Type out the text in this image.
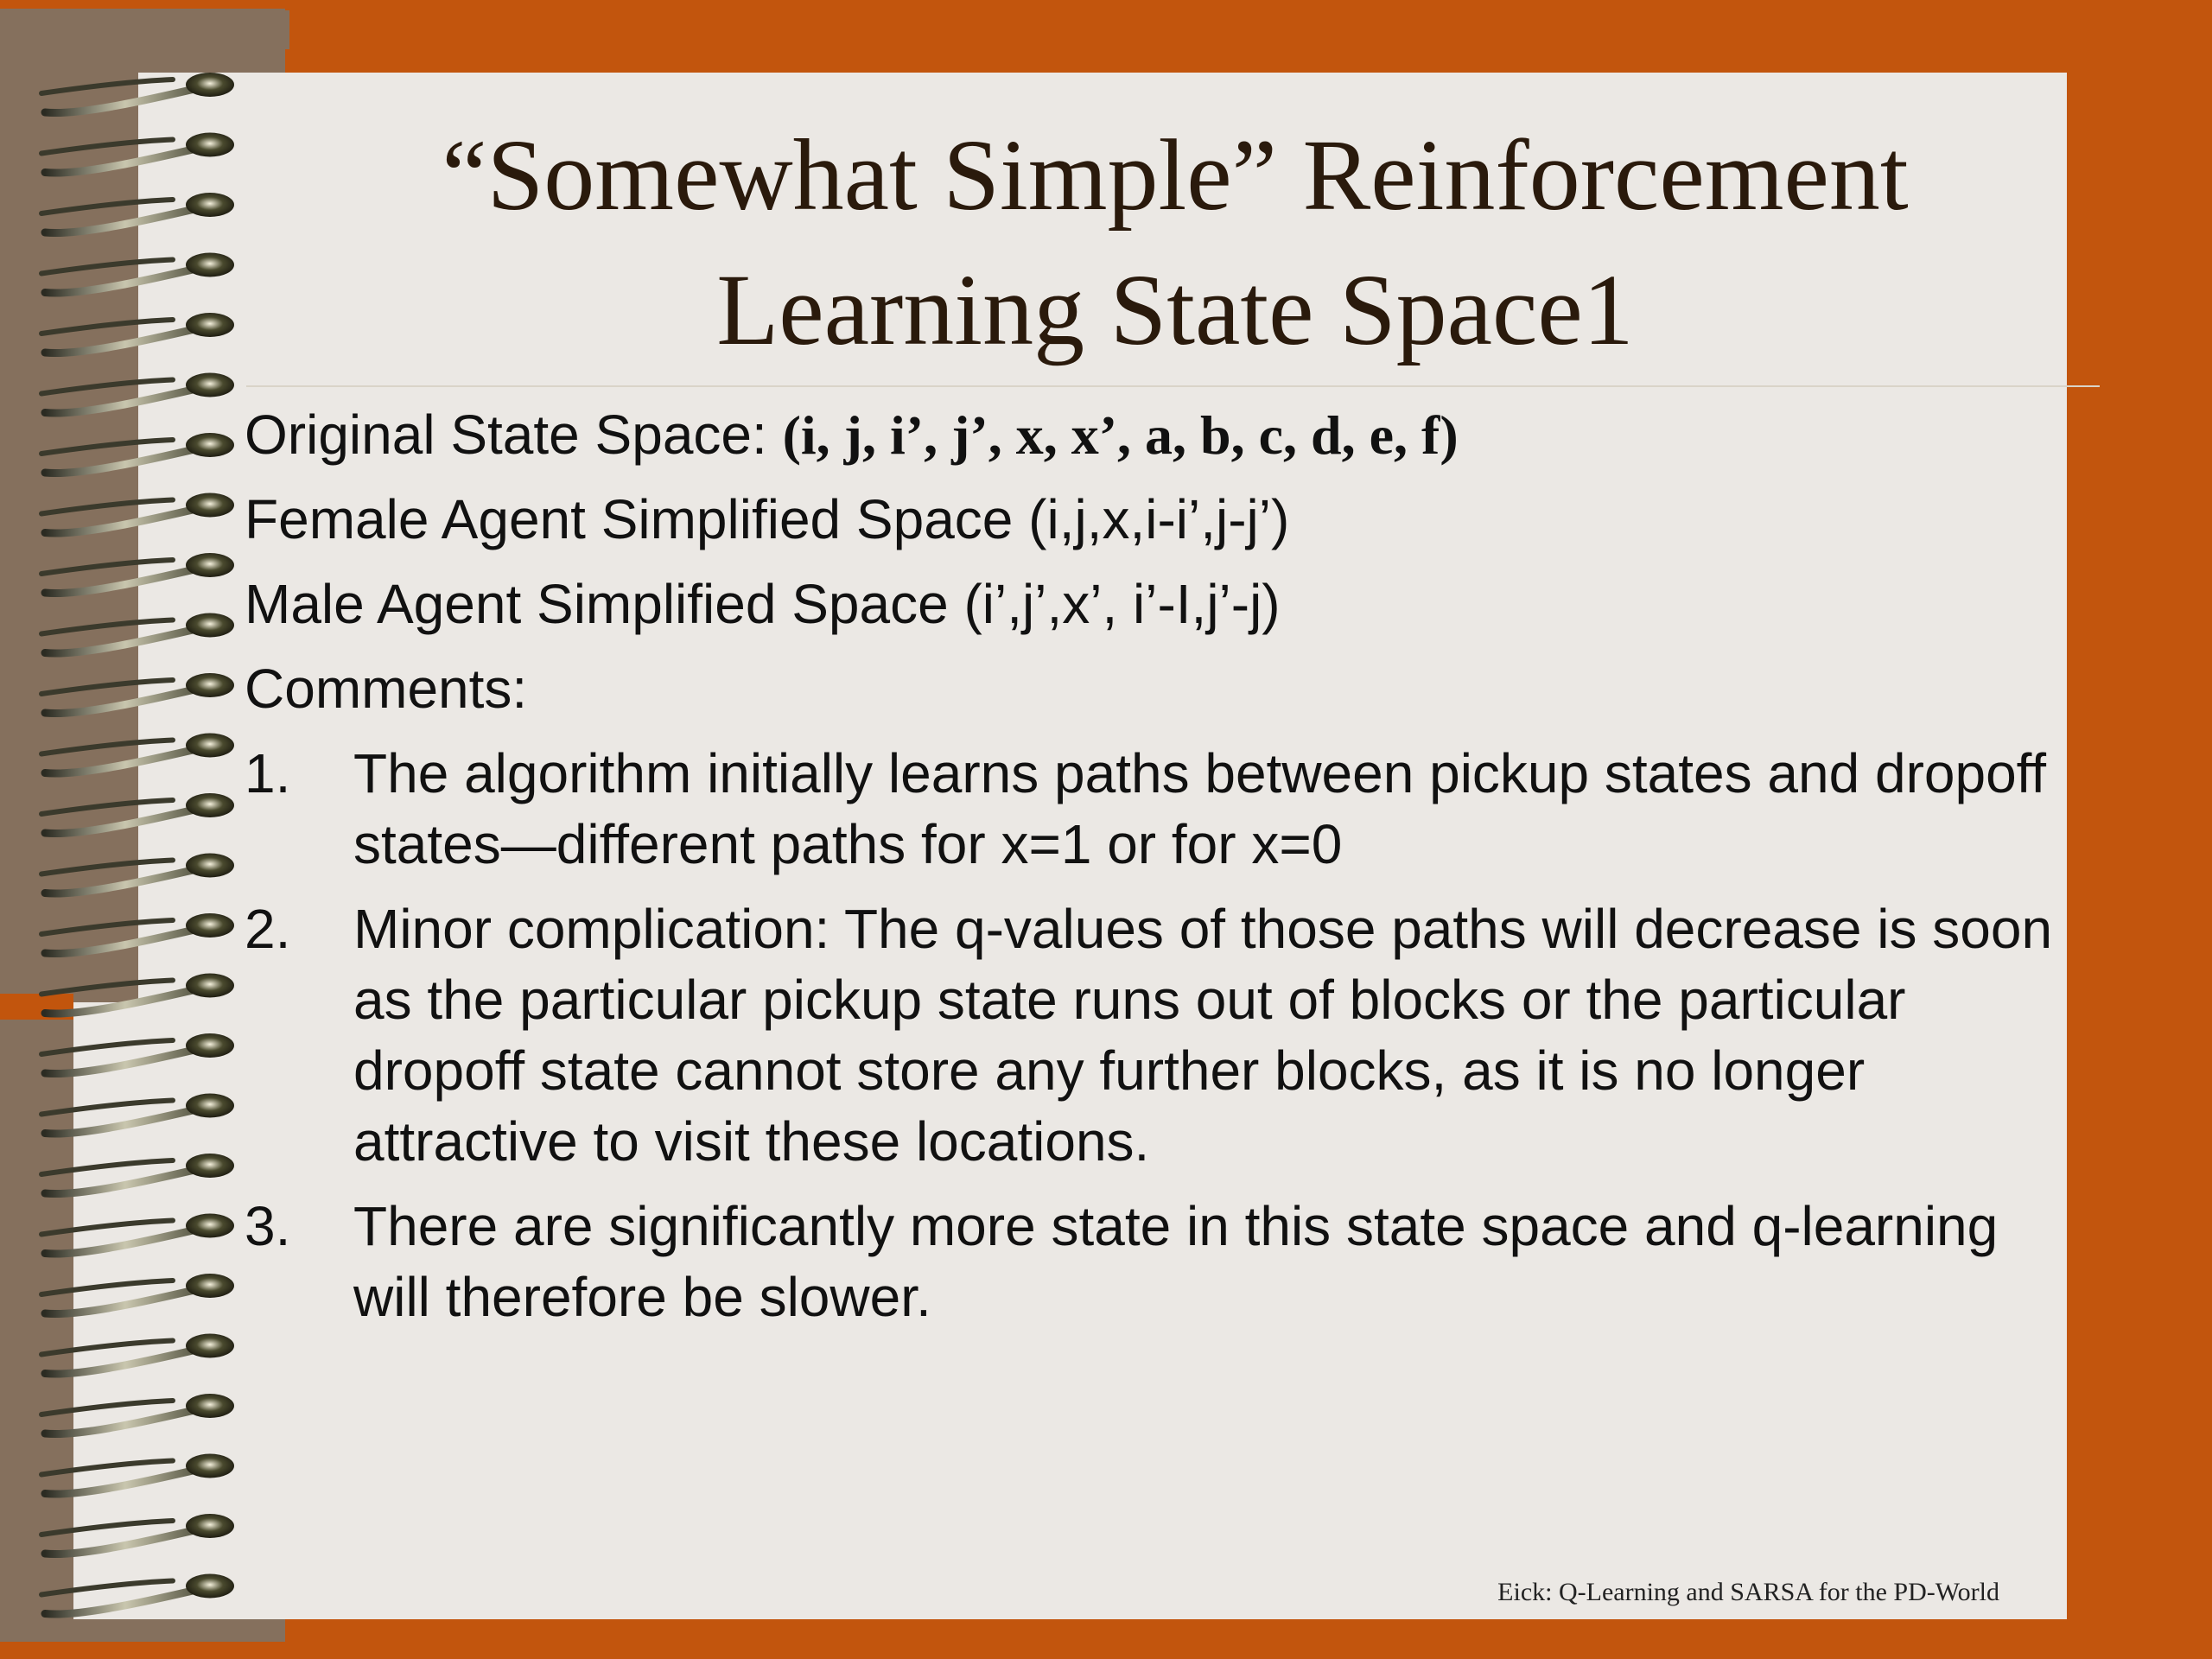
“Somewhat Simple” Reinforcement
Learning State Space1
Original State Space: (i, j, i’, j’, x, x’, a, b, c, d, e, f)
Female Agent Simplified Space (i,j,x,i-i’,j-j’)
Male Agent Simplified Space (i’,j’,x’, i’-I,j’-j)
Comments:
1. The algorithm initially learns paths between pickup states and dropoff states—different paths for x=1 or for x=0
2. Minor complication: The q-values of those paths will decrease is soon as the particular pickup state runs out of blocks or the particular dropoff state cannot store any further blocks, as it is no longer attractive to visit these locations.
3. There are significantly more state in this state space and q-learning will therefore be slower.
Eick: Q-Learning and SARSA for the PD-World
